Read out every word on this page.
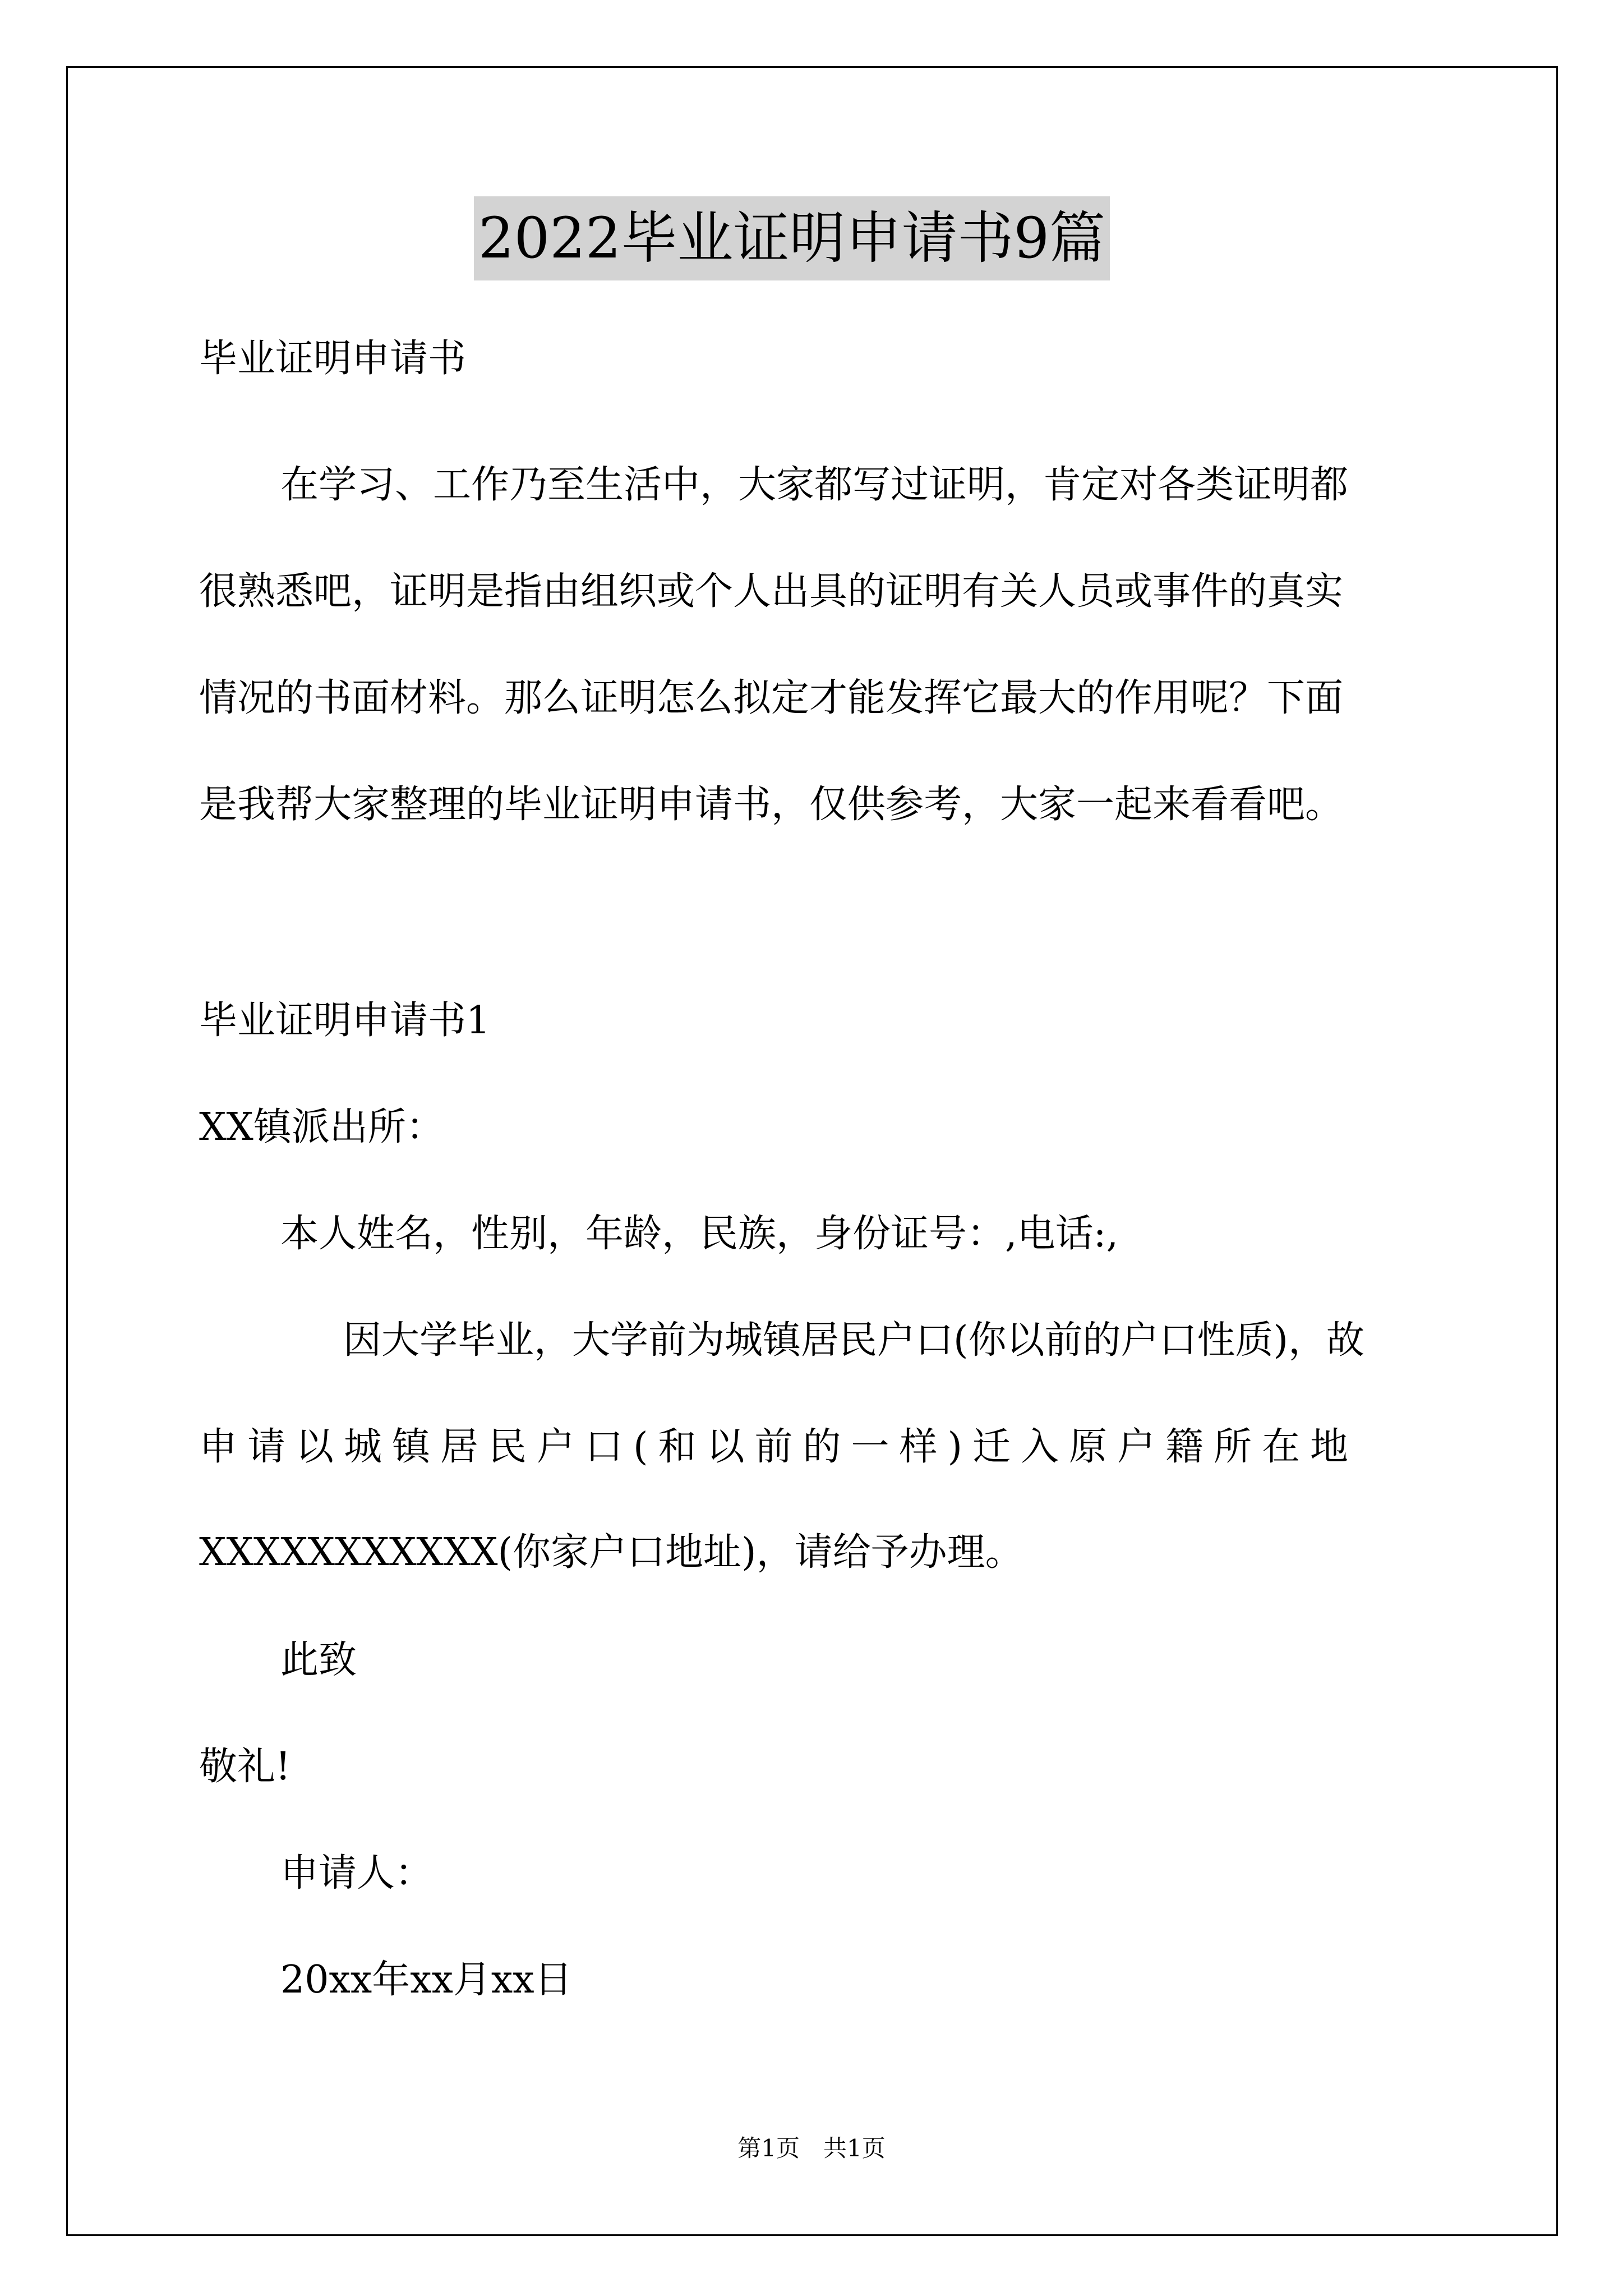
2022毕业证明申请书9篇
毕业证明申请书
在学习、工作乃至生活中，大家都写过证明，肯定对各类证明都
很熟悉吧，证明是指由组织或个人出具的证明有关人员或事件的真实
情况的书面材料。那么证明怎么拟定才能发挥它最大的作用呢？下面
是我帮大家整理的毕业证明申请书，仅供参考，大家一起来看看吧。
毕业证明申请书1
XX镇派出所：
本人姓名，性别，年龄，民族，身份证号：,电话:,
因大学毕业，大学前为城镇居民户口(你以前的户口性质)，故
申请以城镇居民户口(和以前的一样)迁入原户籍所在地
XXXXXXXXXXX(你家户口地址)，请给予办理。
此致
敬礼!
申请人：
20xx年xx月xx日
第1页　共1页
